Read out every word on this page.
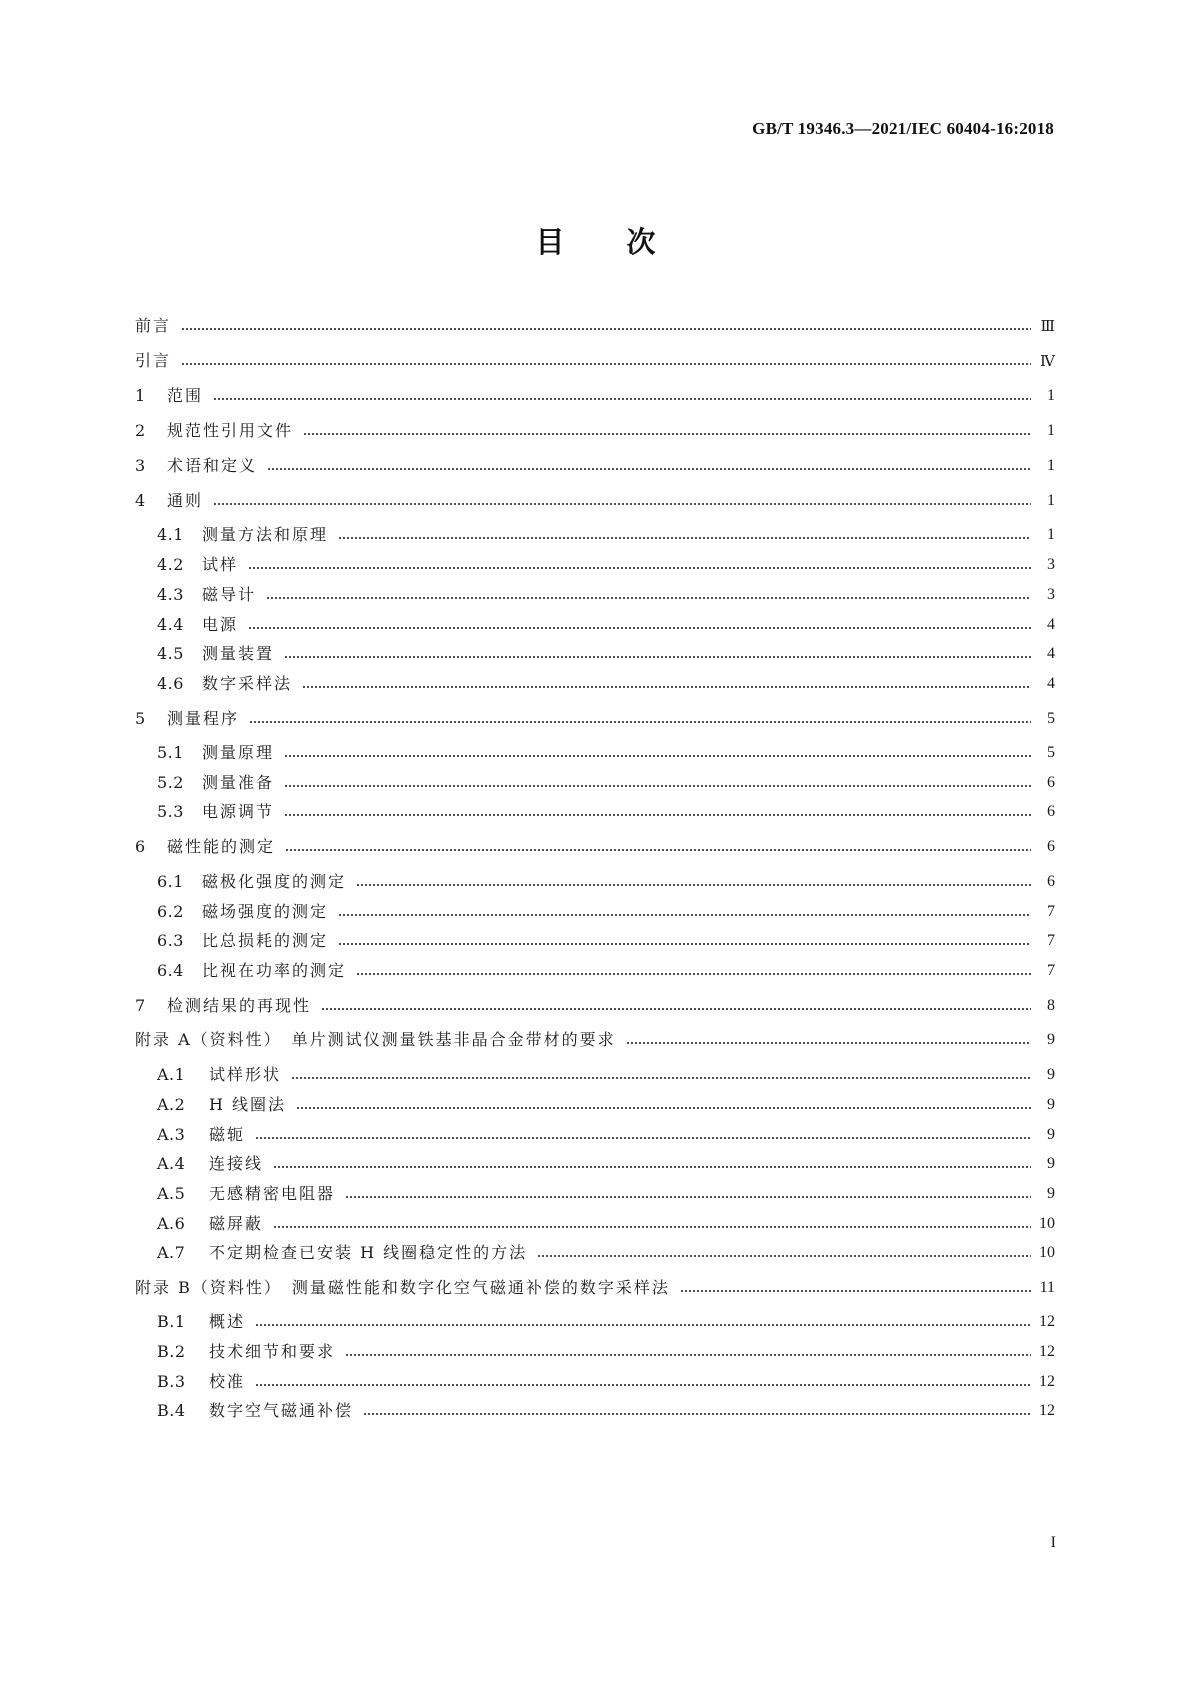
GB/T 19346.3—2021/IEC 60404-16:2018
目 次
前言	Ⅲ
引言	Ⅳ
1	范围	1
2	规范性引用文件	1
3	术语和定义	1
4	通则	1
4.1	测量方法和原理	1
4.2	试样	3
4.3	磁导计	3
4.4	电源	4
4.5	测量装置	4
4.6	数字采样法	4
5	测量程序	5
5.1	测量原理	5
5.2	测量准备	6
5.3	电源调节	6
6	磁性能的测定	6
6.1	磁极化强度的测定	6
6.2	磁场强度的测定	7
6.3	比总损耗的测定	7
6.4	比视在功率的测定	7
7	检测结果的再现性	8
附录 A（资料性）　单片测试仪测量铁基非晶合金带材的要求	9
A.1	试样形状	9
A.2	H 线圈法	9
A.3	磁轭	9
A.4	连接线	9
A.5	无感精密电阻器	9
A.6	磁屏蔽	10
A.7	不定期检查已安装 H 线圈稳定性的方法	10
附录 B（资料性）　测量磁性能和数字化空气磁通补偿的数字采样法	11
B.1	概述	12
B.2	技术细节和要求	12
B.3	校准	12
B.4	数字空气磁通补偿	12
I
